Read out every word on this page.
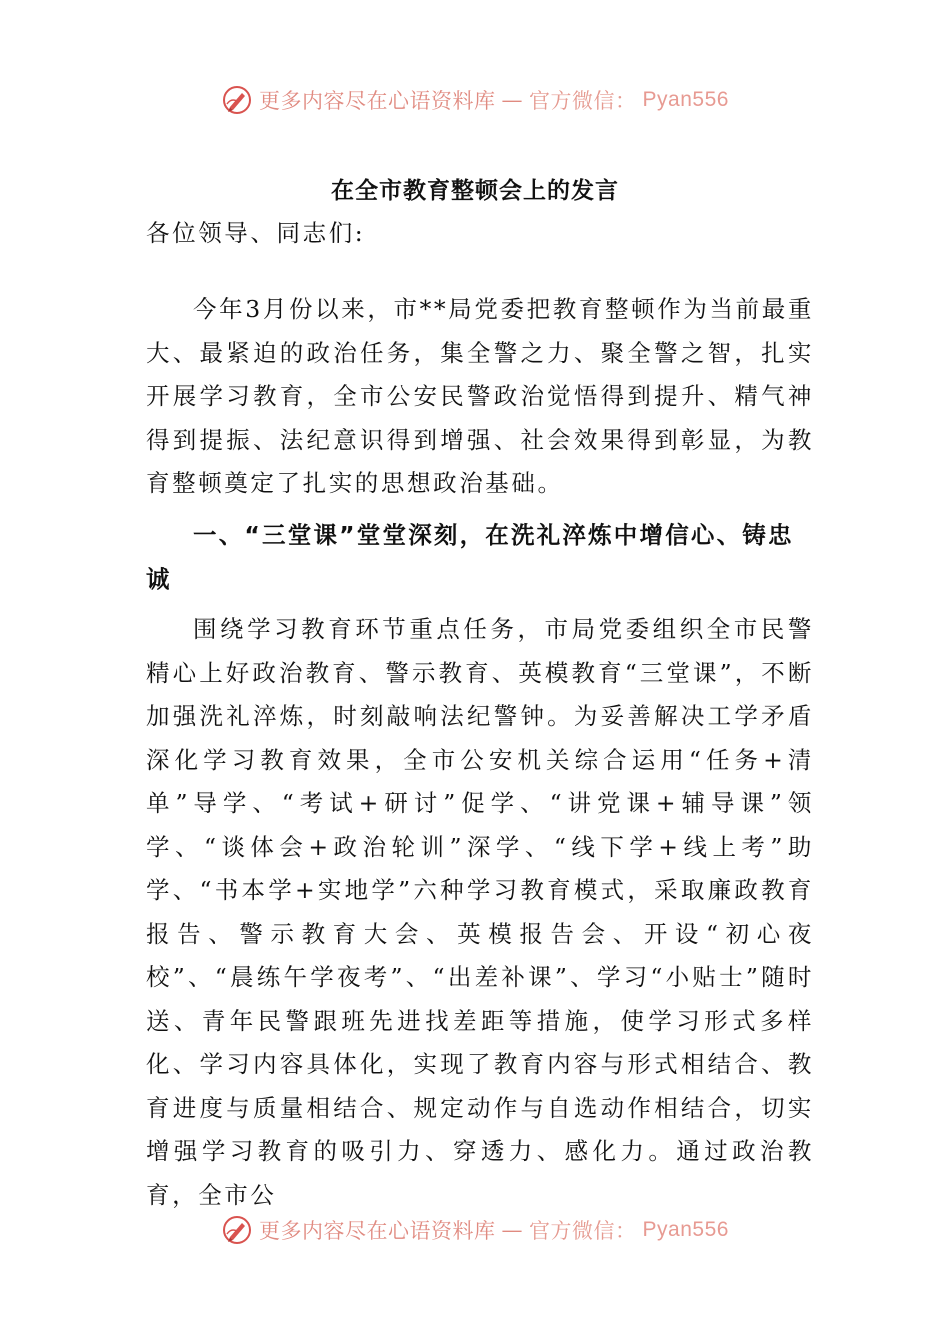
更多内容尽在心语资料库 — 官方微信： Pyan556
在全市教育整顿会上的发言

各位领导、同志们:

今年3月份以来，市**局党委把教育整顿作为当前最重大、最紧迫的政治任务，集全警之力、聚全警之智，扎实开展学习教育，全市公安民警政治觉悟得到提升、精气神得到提振、法纪意识得到增强、社会效果得到彰显，为教育整顿奠定了扎实的思想政治基础。

一、“三堂课”堂堂深刻，在洗礼淬炼中增信心、铸忠诚

围绕学习教育环节重点任务，市局党委组织全市民警精心上好政治教育、警示教育、英模教育“三堂课”，不断加强洗礼淬炼，时刻敲响法纪警钟。为妥善解决工学矛盾深化学习教育效果，全市公安机关综合运用“任务+清单”导学、“考试+研讨”促学、“讲党课+辅导课”领学、“谈体会+政治轮训”深学、“线下学+线上考”助学、“书本学+实地学”六种学习教育模式，采取廉政教育报告、警示教育大会、英模报告会、开设“初心夜校”、“晨练午学夜考”、“出差补课”、学习“小贴士”随时送、青年民警跟班先进找差距等措施，使学习形式多样化、学习内容具体化，实现了教育内容与形式相结合、教育进度与质量相结合、规定动作与自选动作相结合，切实增强学习教育的吸引力、穿透力、感化力。通过政治教育，全市公

更多内容尽在心语资料库 — 官方微信： Pyan556
